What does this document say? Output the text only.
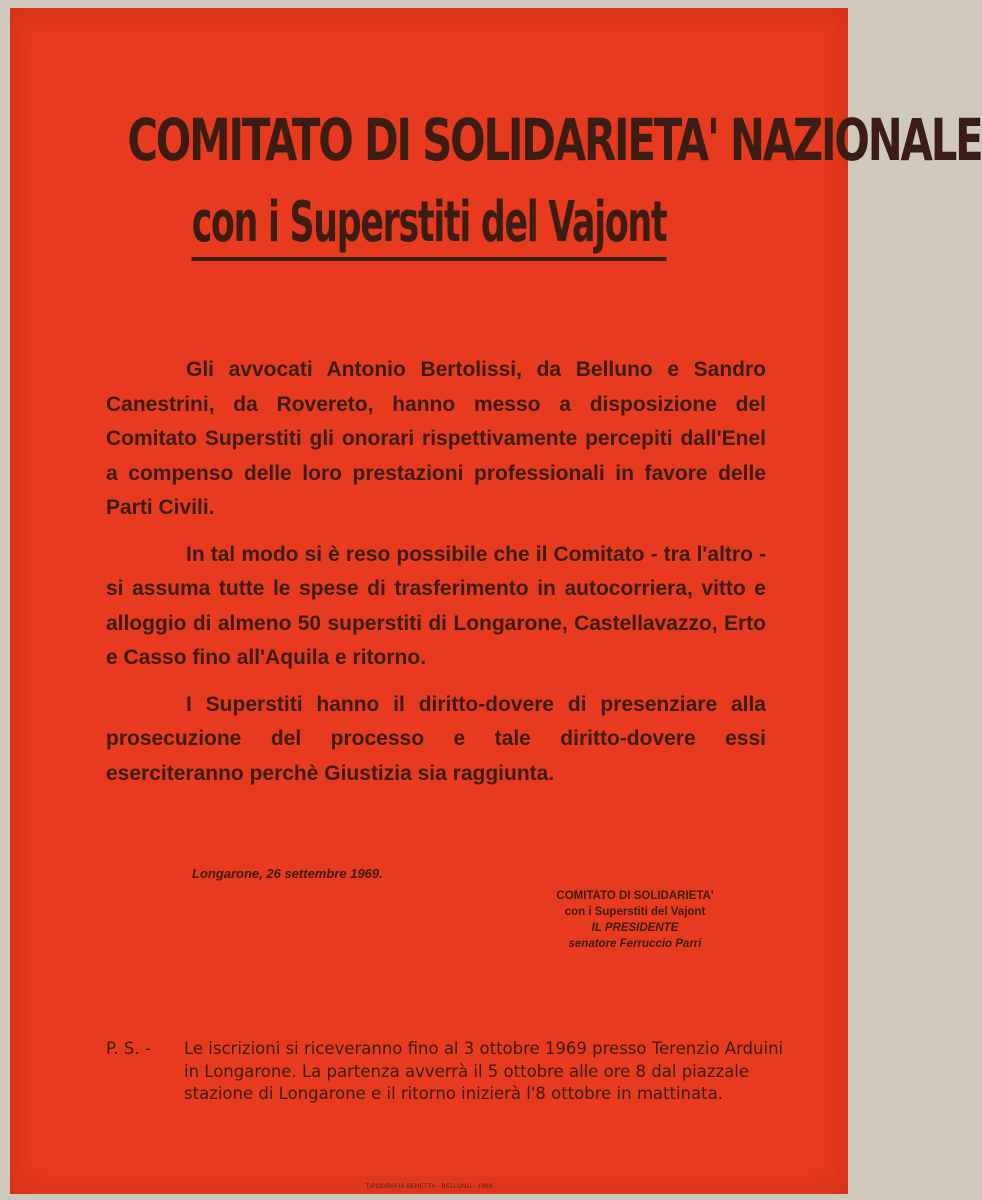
COMITATO DI SOLIDARIETA' NAZIONALE
con i Superstiti del Vajont

Gli avvocati Antonio Bertolissi, da Belluno e Sandro Canestrini, da Rovereto, hanno messo a disposizione del Comitato Superstiti gli onorari rispettivamente percepiti dall'Enel a compenso delle loro prestazioni professionali in favore delle Parti Civili.

In tal modo si è reso possibile che il Comitato - tra l'altro - si assuma tutte le spese di trasferimento in autocorriera, vitto e alloggio di almeno 50 superstiti di Longarone, Castellavazzo, Erto e Casso fino all'Aquila e ritorno.

I Superstiti hanno il diritto-dovere di presenziare alla prosecuzione del processo e tale diritto-dovere essi eserciteranno perchè Giustizia sia raggiunta.

Longarone, 26 settembre 1969.
COMITATO DI SOLIDARIETA'
con i Superstiti del Vajont
IL PRESIDENTE
senatore Ferruccio Parri
P. S. - Le iscrizioni si riceveranno fino al 3 ottobre 1969 presso Terenzio Arduini in Longarone. La partenza avverrà il 5 ottobre alle ore 8 dal piazzale stazione di Longarone e il ritorno inizierà l'8 ottobre in mattinata.
TIPOGRAFIA BENETTA - BELLUNO - 1969
